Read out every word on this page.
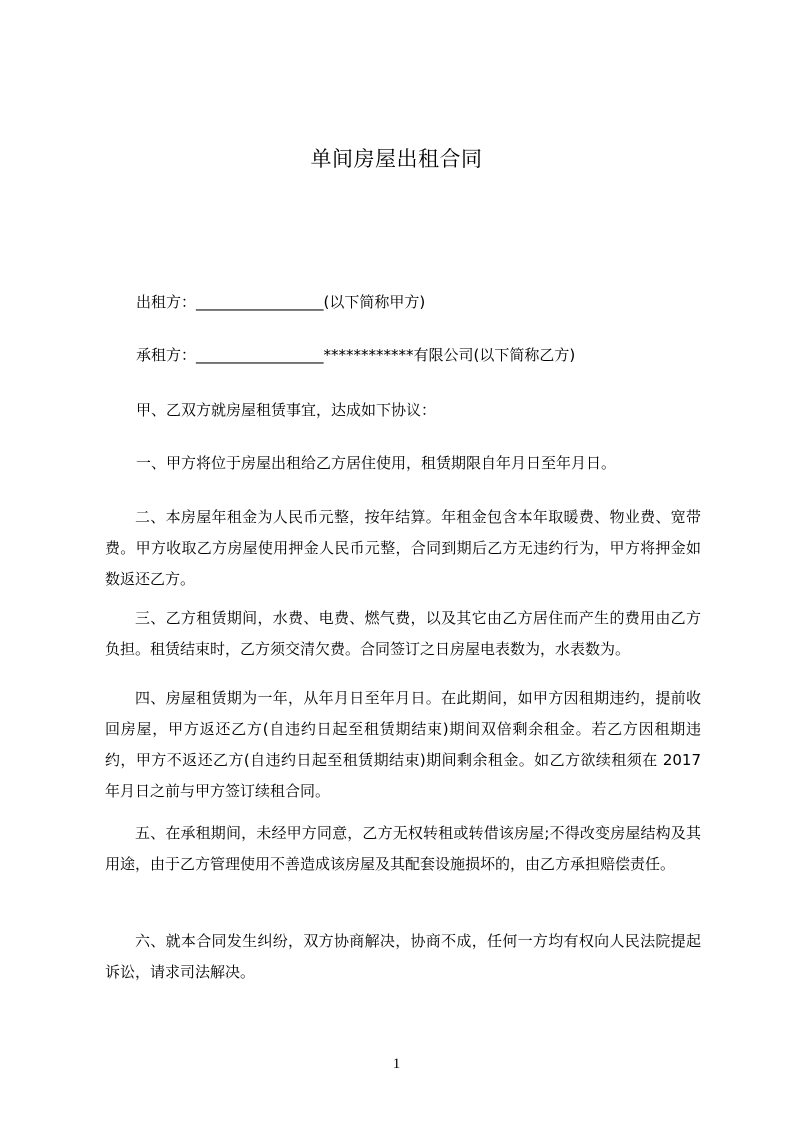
单间房屋出租合同
出租方：_________________(以下简称甲方)
承租方：_________________************有限公司(以下简称乙方)
甲、乙双方就房屋租赁事宜，达成如下协议：
一、甲方将位于房屋出租给乙方居住使用，租赁期限自年月日至年月日。
二、本房屋年租金为人民币元整，按年结算。年租金包含本年取暖费、物业费、宽带费。甲方收取乙方房屋使用押金人民币元整，合同到期后乙方无违约行为，甲方将押金如数返还乙方。
三、乙方租赁期间，水费、电费、燃气费，以及其它由乙方居住而产生的费用由乙方负担。租赁结束时，乙方须交清欠费。合同签订之日房屋电表数为，水表数为。
四、房屋租赁期为一年，从年月日至年月日。在此期间，如甲方因租期违约，提前收回房屋，甲方返还乙方(自违约日起至租赁期结束)期间双倍剩余租金。若乙方因租期违约，甲方不返还乙方(自违约日起至租赁期结束)期间剩余租金。如乙方欲续租须在 2017 年月日之前与甲方签订续租合同。
五、在承租期间，未经甲方同意，乙方无权转租或转借该房屋;不得改变房屋结构及其用途，由于乙方管理使用不善造成该房屋及其配套设施损坏的，由乙方承担赔偿责任。
六、就本合同发生纠纷，双方协商解决，协商不成，任何一方均有权向人民法院提起诉讼，请求司法解决。
1
